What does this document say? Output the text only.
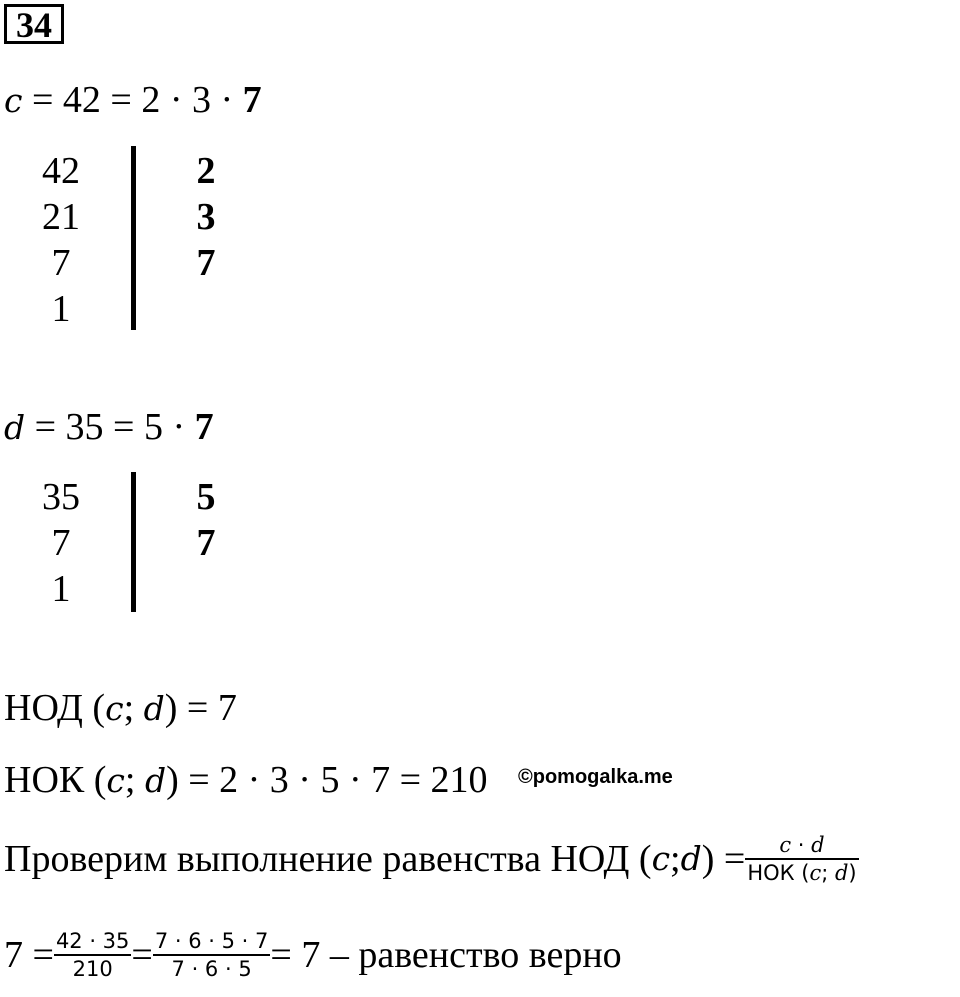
34
c = 42 = 2 · 3 · 7
42
21
7
1
2
3
7
d = 35 = 5 · 7
35
7
1
5
7
НОД (c; d) = 7
НОК (c; d) = 2 · 3 · 5 · 7 = 210 ©pomogalka.me
Проверим выполнение равенства НОД ( c ; d ) = $\frac{c \cdot d}{\text{НОК (c; d)}}$
$7 = \frac{42 \cdot 35}{210} = \frac{7 \cdot 6 \cdot 5 \cdot 7}{7 \cdot 6 \cdot 5} = 7$ – равенство верно
